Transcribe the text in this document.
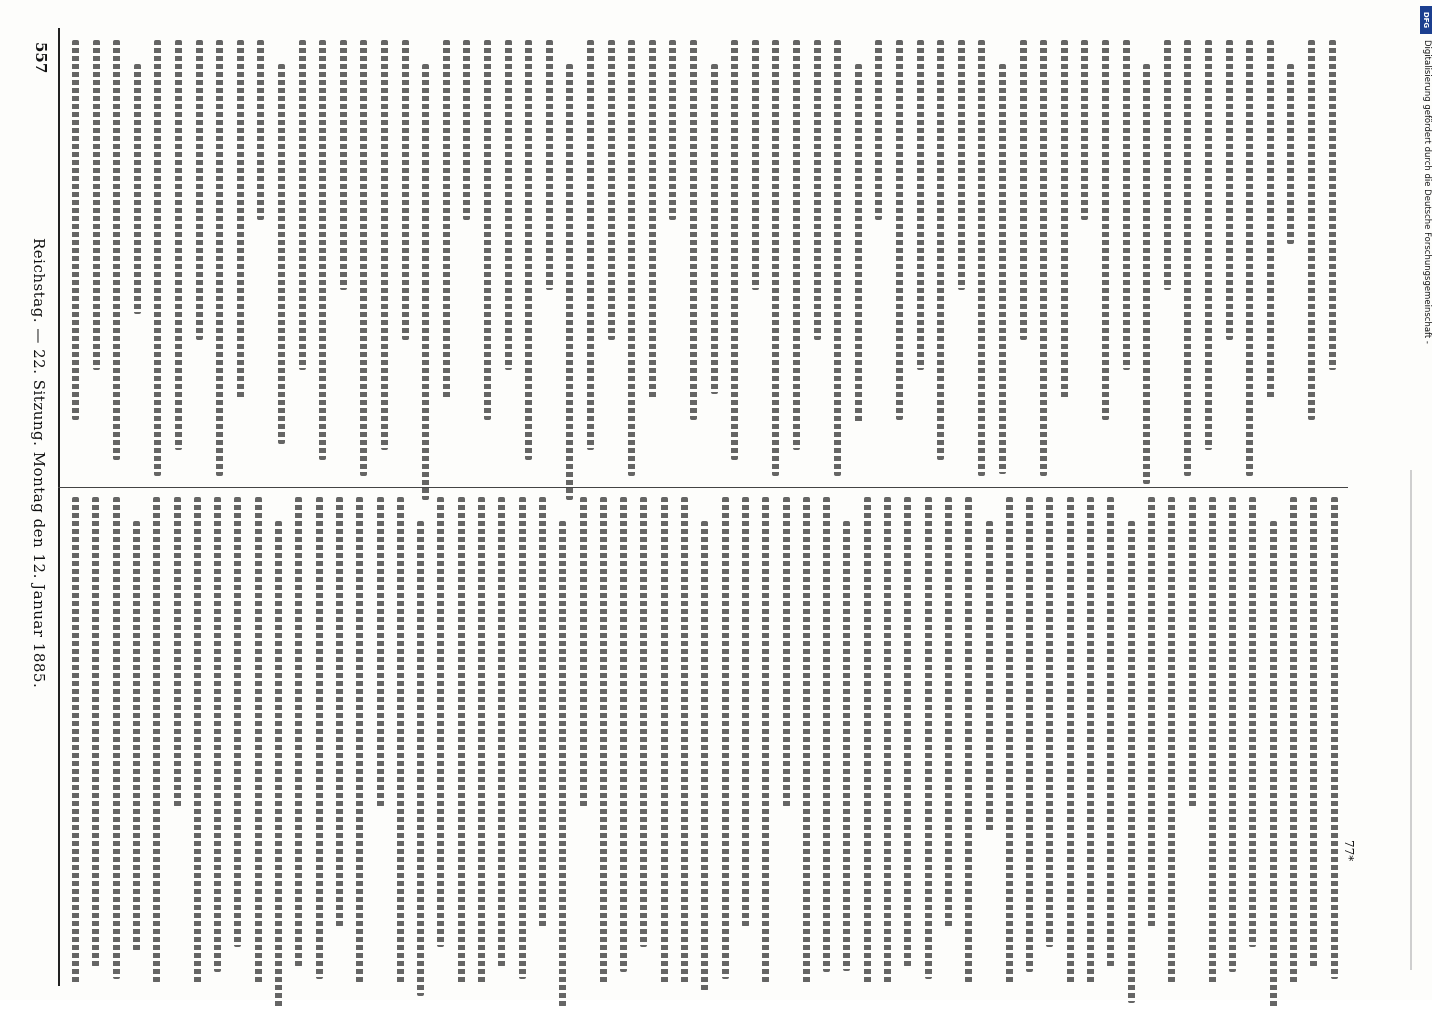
557
Reichstag. — 22. Sitzung. Montag den 12. Januar 1885.
77*
DFG
Digitalisierung gefördert durch die Deutsche Forschungsgemeinschaft -
